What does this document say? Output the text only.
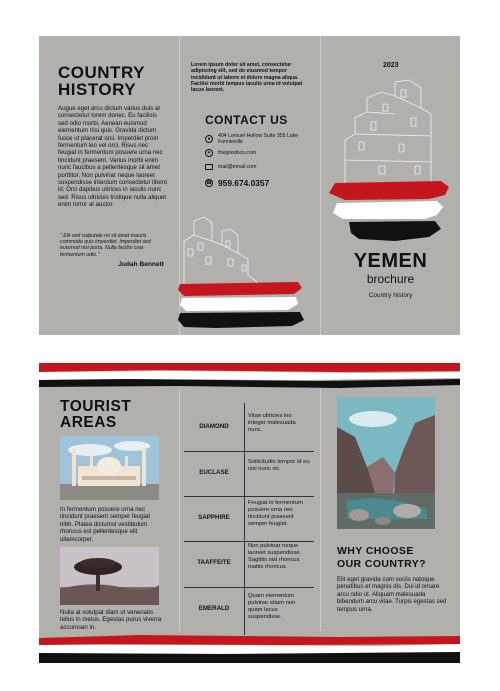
COUNTRY
HISTORY

Augue eget arcu dictum varius duis at consectetur lorem donec. Eu facilisis sed odio morbi. Aenean euismod elementum nisi quis. Gravida dictum fusce ut placerat orci. Imperdiet proin fermentum leo vel orci. Risus nec feugiat in fermentum posuere urna nec tincidunt praesent. Varius morbi enim nunc faucibus a pellentesque sit amet porttitor. Non pulvinar neque laoreet suspendisse interdum consectetur libero id. Orci dapibus ultrices in iaculis nunc sed. Risus ultricies tristique nulla aliquet enim tortor at auctor.

" Elit sed vulputate mi sit amet mauris commodo quis imperdiet. Imperdiet sed euismod nisi porta. Nulla facilisi cras fermentum odio."

Judah Bennett

Lorem ipsum dolor sit amet, consectetur adipiscing elit, sed do eiusmod tempor incididunt ut labore et dolore magna aliqua. Facilisi morbi tempus iaculis urna id volutpat lacus laoreet.

CONTACT US
●
404 Lemuel Hollow Suite 355 Lake Fannieville
✦	thegoodocs.com
mail@email.com
☎ 959.674.0357
2023
YEMEN
brochure
Country history
TOURIST
AREAS

In fermentum posuere urna nec tincidunt praesent semper feugiat nibh. Platea dictumst vestibulum rhoncus est pellentesque elit ullamcorper.

Nulla at volutpat diam ut venenatis tellus in metus. Egestas purus viverra accumsan in.

DIAMOND
Vitae ultricies leo integer malesuada nunc.
EUCLASE
Sollicitudin tempor id eu nisl nunc mi.
SAPPHIRE
Feugiat in fermentum posuere urna nec tincidunt praesent semper feugiat.
TAAFFEITE
Non pulvinar neque laoreet suspendisse. Sagittis nisl rhoncus mattis rhoncus.
EMERALD
Quam elementum pulvinar etiam non quam lacus suspendisse.
WHY CHOOSE
OUR COUNTRY?

Elit eget gravida cum sociis natoque penatibus et magnis dis. Dui id ornare arcu odio ut. Aliquam malesuada bibendum arcu vitae. Turpis egestas sed tempus urna.
